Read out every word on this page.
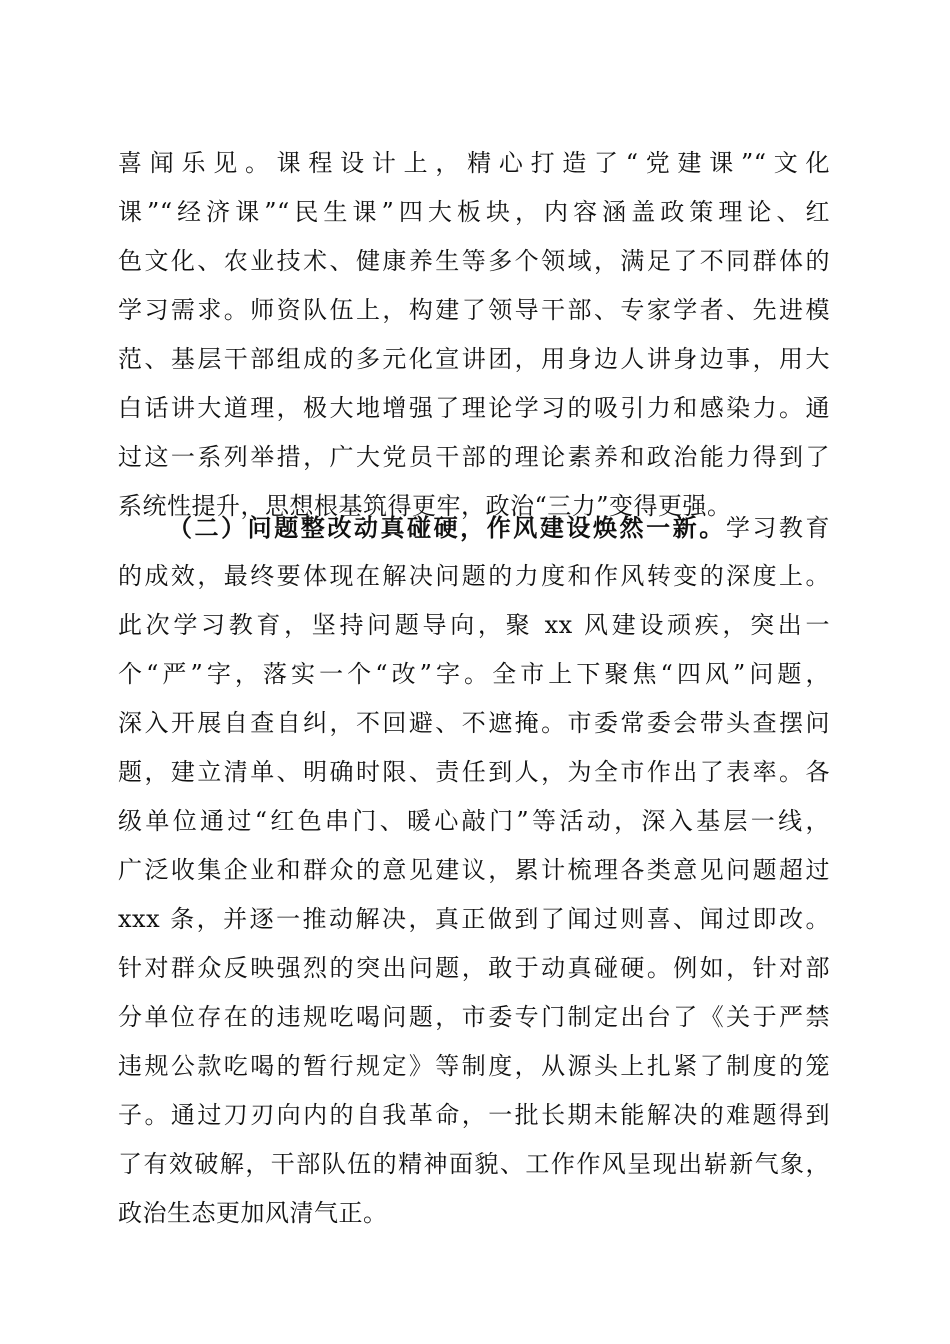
喜闻乐见。课程设计上，精心打造了“党建课”“文化
课”“经济课”“民生课”四大板块，内容涵盖政策理论、红
色文化、农业技术、健康养生等多个领域，满足了不同群体的
学习需求。师资队伍上，构建了领导干部、专家学者、先进模
范、基层干部组成的多元化宣讲团，用身边人讲身边事，用大
白话讲大道理，极大地增强了理论学习的吸引力和感染力。通
过这一系列举措，广大党员干部的理论素养和政治能力得到了
系统性提升，思想根基筑得更牢，政治“三力”变得更强。
（二）问题整改动真碰硬，作风建设焕然一新。学习教育
的成效，最终要体现在解决问题的力度和作风转变的深度上。
此次学习教育，坚持问题导向，聚 xx 风建设顽疾，突出一
个“严”字，落实一个“改”字。全市上下聚焦“四风”问题，
深入开展自查自纠，不回避、不遮掩。市委常委会带头查摆问
题，建立清单、明确时限、责任到人，为全市作出了表率。各
级单位通过“红色串门、暖心敲门”等活动，深入基层一线，
广泛收集企业和群众的意见建议，累计梳理各类意见问题超过
xxx 条，并逐一推动解决，真正做到了闻过则喜、闻过即改。
针对群众反映强烈的突出问题，敢于动真碰硬。例如，针对部
分单位存在的违规吃喝问题，市委专门制定出台了《关于严禁
违规公款吃喝的暂行规定》等制度，从源头上扎紧了制度的笼
子。通过刀刃向内的自我革命，一批长期未能解决的难题得到
了有效破解，干部队伍的精神面貌、工作作风呈现出崭新气象，
政治生态更加风清气正。
